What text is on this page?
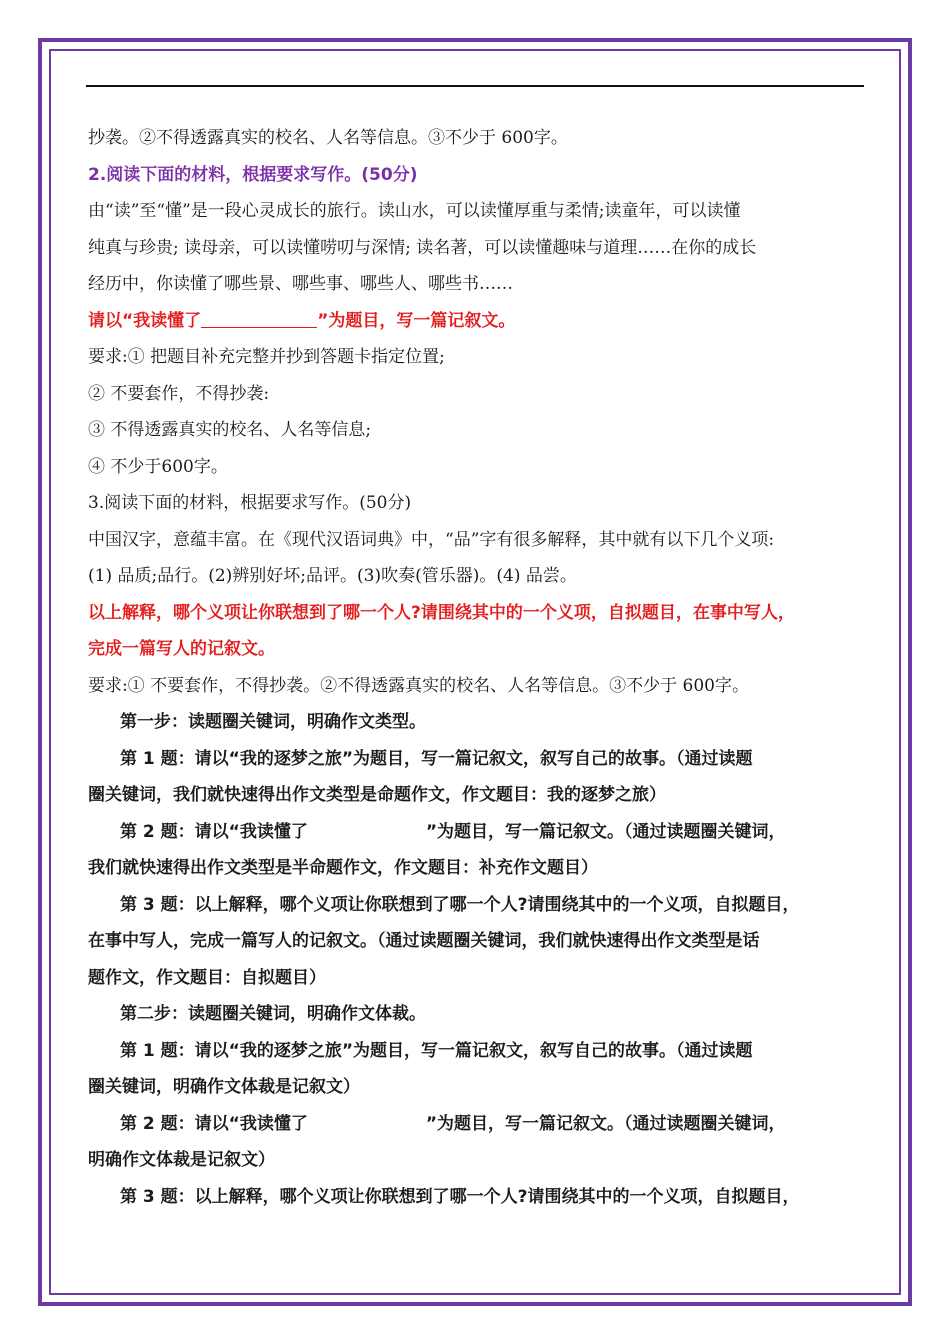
抄袭。②不得透露真实的校名、人名等信息。③不少于 600字。
2.阅读下面的材料，根据要求写作。(50分)
由“读”至“懂”是一段心灵成长的旅行。读山水，可以读懂厚重与柔情;读童年，可以读懂
纯真与珍贵; 读母亲，可以读懂唠叨与深情; 读名著，可以读懂趣味与道理……在你的成长
经历中，你读懂了哪些景、哪些事、哪些人、哪些书……
请以“我读懂了	”为题目，写一篇记叙文。
要求:① 把题目补充完整并抄到答题卡指定位置;
② 不要套作，不得抄袭:
③ 不得透露真实的校名、人名等信息;
④ 不少于600字。
3.阅读下面的材料，根据要求写作。(50分)
中国汉字，意蕴丰富。在《现代汉语词典》中，“品”字有很多解释，其中就有以下几个义项:
(1) 品质;品行。(2)辨别好坏;品评。(3)吹奏(管乐器)。(4) 品尝。
以上解释，哪个义项让你联想到了哪一个人?请围绕其中的一个义项，自拟题目，在事中写人，
完成一篇写人的记叙文。
要求:① 不要套作，不得抄袭。②不得透露真实的校名、人名等信息。③不少于 600字。
第一步：读题圈关键词，明确作文类型。
第 1 题：请以“我的逐梦之旅”为题目，写一篇记叙文，叙写自己的故事。（通过读题
圈关键词，我们就快速得出作文类型是命题作文，作文题目：我的逐梦之旅）
第 2 题：请以“我读懂了	”为题目，写一篇记叙文。（通过读题圈关键词，
我们就快速得出作文类型是半命题作文，作文题目：补充作文题目）
第 3 题：以上解释，哪个义项让你联想到了哪一个人?请围绕其中的一个义项，自拟题目，
在事中写人，完成一篇写人的记叙文。（通过读题圈关键词，我们就快速得出作文类型是话
题作文，作文题目：自拟题目）
第二步：读题圈关键词，明确作文体裁。
第 1 题：请以“我的逐梦之旅”为题目，写一篇记叙文，叙写自己的故事。（通过读题
圈关键词，明确作文体裁是记叙文）
第 2 题：请以“我读懂了	”为题目，写一篇记叙文。（通过读题圈关键词，
明确作文体裁是记叙文）
第 3 题：以上解释，哪个义项让你联想到了哪一个人?请围绕其中的一个义项，自拟题目，
